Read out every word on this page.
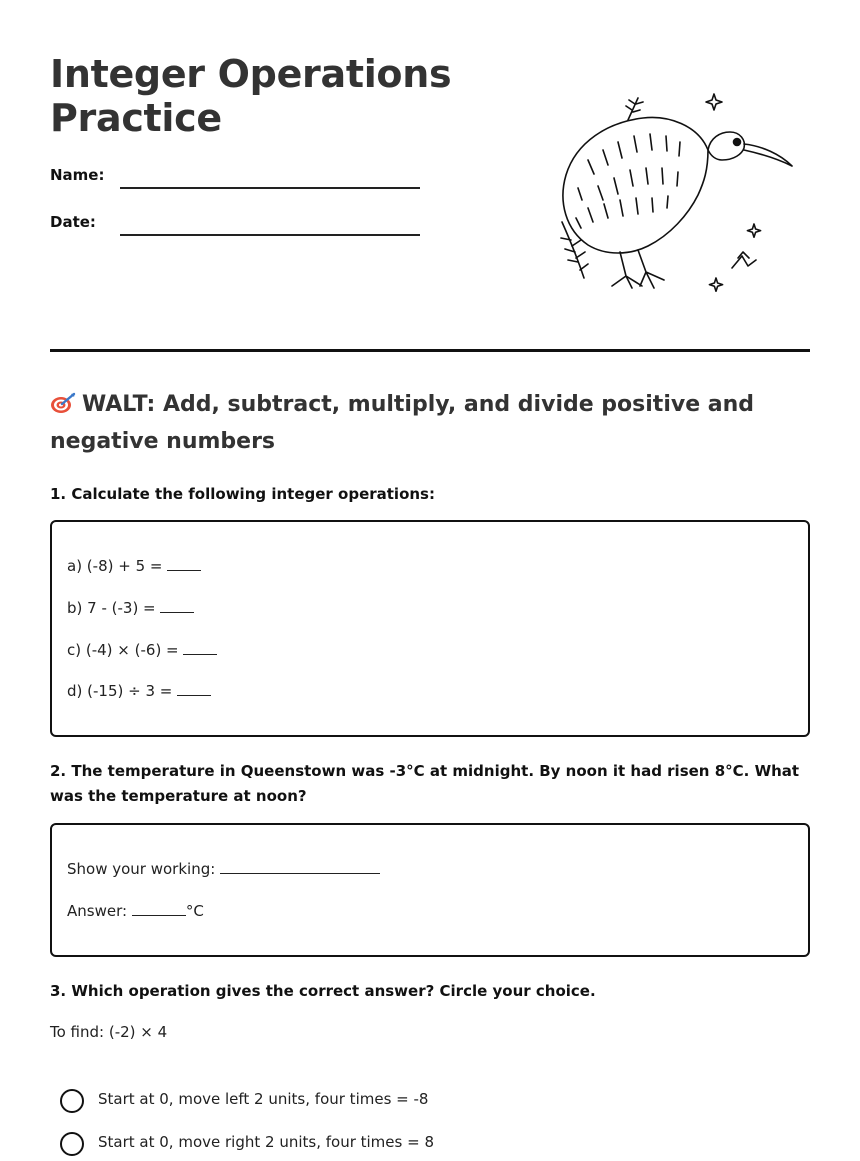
Integer Operations
Practice
Name:
Date:
WALT: Add, subtract, multiply, and divide positive and negative numbers
1. Calculate the following integer operations:
a) (-8) + 5 =
b) 7 - (-3) =
c) (-4) × (-6) =
d) (-15) ÷ 3 =
2. The temperature in Queenstown was -3°C at midnight. By noon it had risen 8°C. What was the temperature at noon?
Show your working:
Answer:	°C
3. Which operation gives the correct answer? Circle your choice.
To find: (-2) × 4
Start at 0, move left 2 units, four times = -8
Start at 0, move right 2 units, four times = 8
